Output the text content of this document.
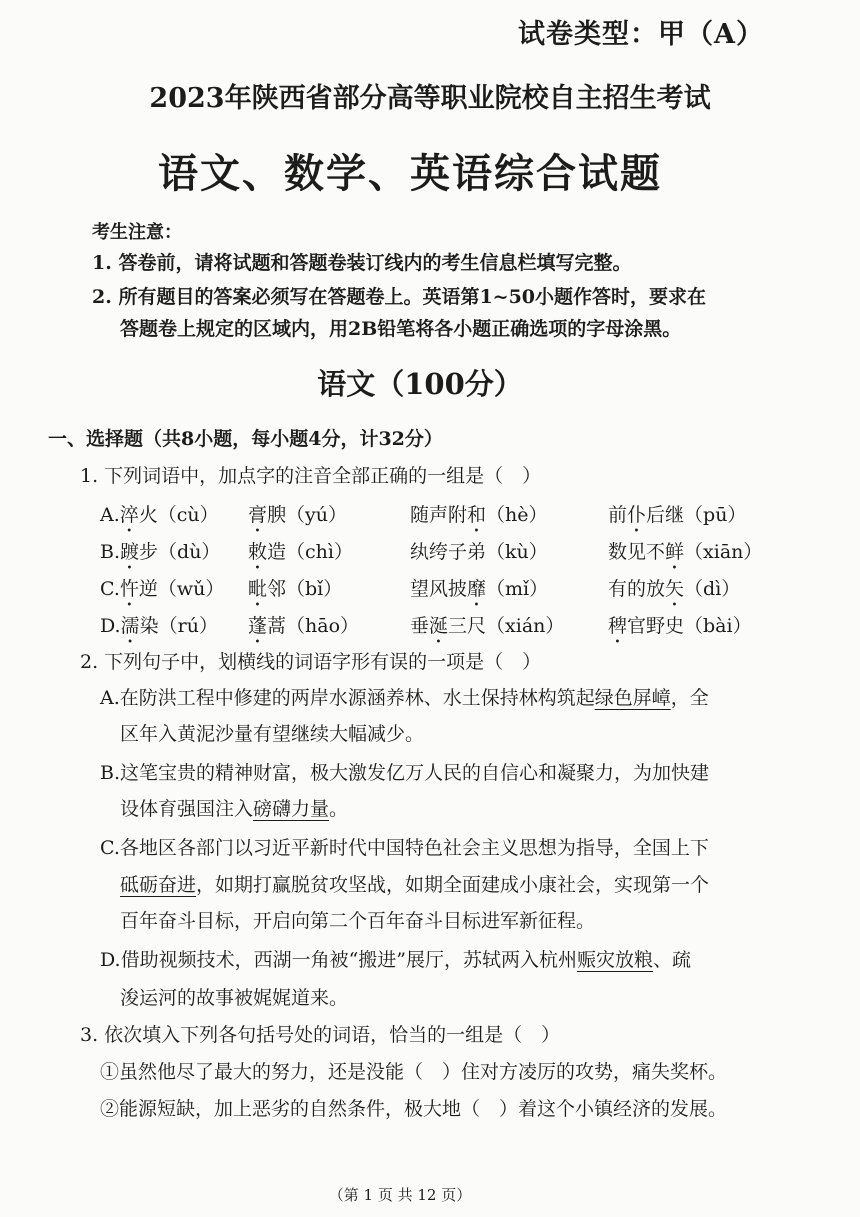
试卷类型：甲（A）
2023年陕西省部分高等职业院校自主招生考试
语文、数学、英语综合试题
考生注意：
1. 答卷前，请将试题和答题卷装订线内的考生信息栏填写完整。
2. 所有题目的答案必须写在答题卷上。英语第1~50小题作答时，要求在
答题卷上规定的区域内，用2B铅笔将各小题正确选项的字母涂黑。
语文（100分）
一、选择题（共8小题，每小题4分，计32分）
1. 下列词语中，加点字的注音全部正确的一组是（　）
A.淬火（cù） 膏腴（yú）	随声附和（hè）	前仆后继（pū）
B.踱步（dù） 敕造（chì）	纨绔子弟（kù）	数见不鲜（xiān）
C.忤逆（wǔ） 毗邻（bǐ）	望风披靡（mǐ）	有的放矢（dì）
D.濡染（rú） 蓬蒿（hāo）	垂涎三尺（xián） 稗官野史（bài）
2. 下列句子中，划横线的词语字形有误的一项是（　）
A.在防洪工程中修建的两岸水源涵养林、水土保持林构筑起绿色屏嶂，全
区年入黄泥沙量有望继续大幅减少。
B.这笔宝贵的精神财富，极大激发亿万人民的自信心和凝聚力，为加快建
设体育强国注入磅礴力量。
C.各地区各部门以习近平新时代中国特色社会主义思想为指导，全国上下
砥砺奋进，如期打赢脱贫攻坚战，如期全面建成小康社会，实现第一个
百年奋斗目标，开启向第二个百年奋斗目标进军新征程。
D.借助视频技术，西湖一角被“搬进”展厅，苏轼两入杭州赈灾放粮、疏
浚运河的故事被娓娓道来。
3. 依次填入下列各句括号处的词语，恰当的一组是（　）
①虽然他尽了最大的努力，还是没能（　）住对方凌厉的攻势，痛失奖杯。
②能源短缺，加上恶劣的自然条件，极大地（　）着这个小镇经济的发展。
（第 1 页 共 12 页）
